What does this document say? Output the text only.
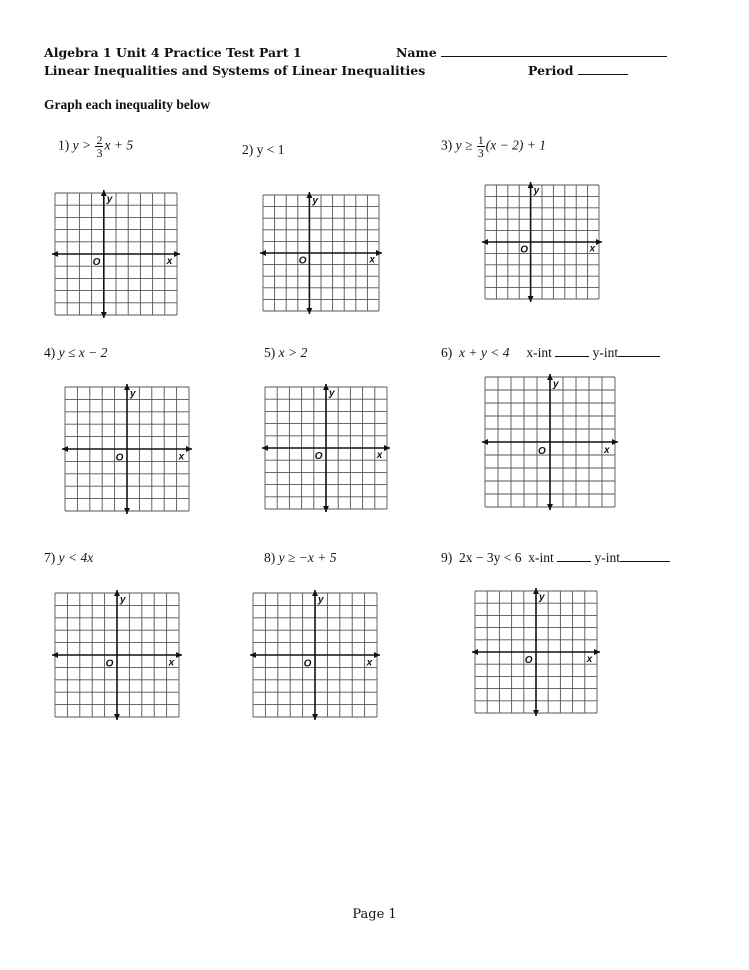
Algebra 1 Unit 4 Practice Test Part 1	Name
Linear Inequalities and Systems of Linear Inequalities	Period
Graph each inequality below
1) $y > \frac{2}{3}$ x + 5	2) y < 1	3) $y \ge \frac{1}{3} (x - 2) + 1$
4) y ≤ x − 2	5) x > 2	6) x + y < 4 x-int	y-int
7) y < 4x	8) y ≥ −x + 5	9) 2x − 3y < 6 x-int	y-int
y
x
O
y
x
O
y
x
O
y
x
O
y
x
O
y
x
O
y
x
O
y
x
O
y
x
O
Page 1
